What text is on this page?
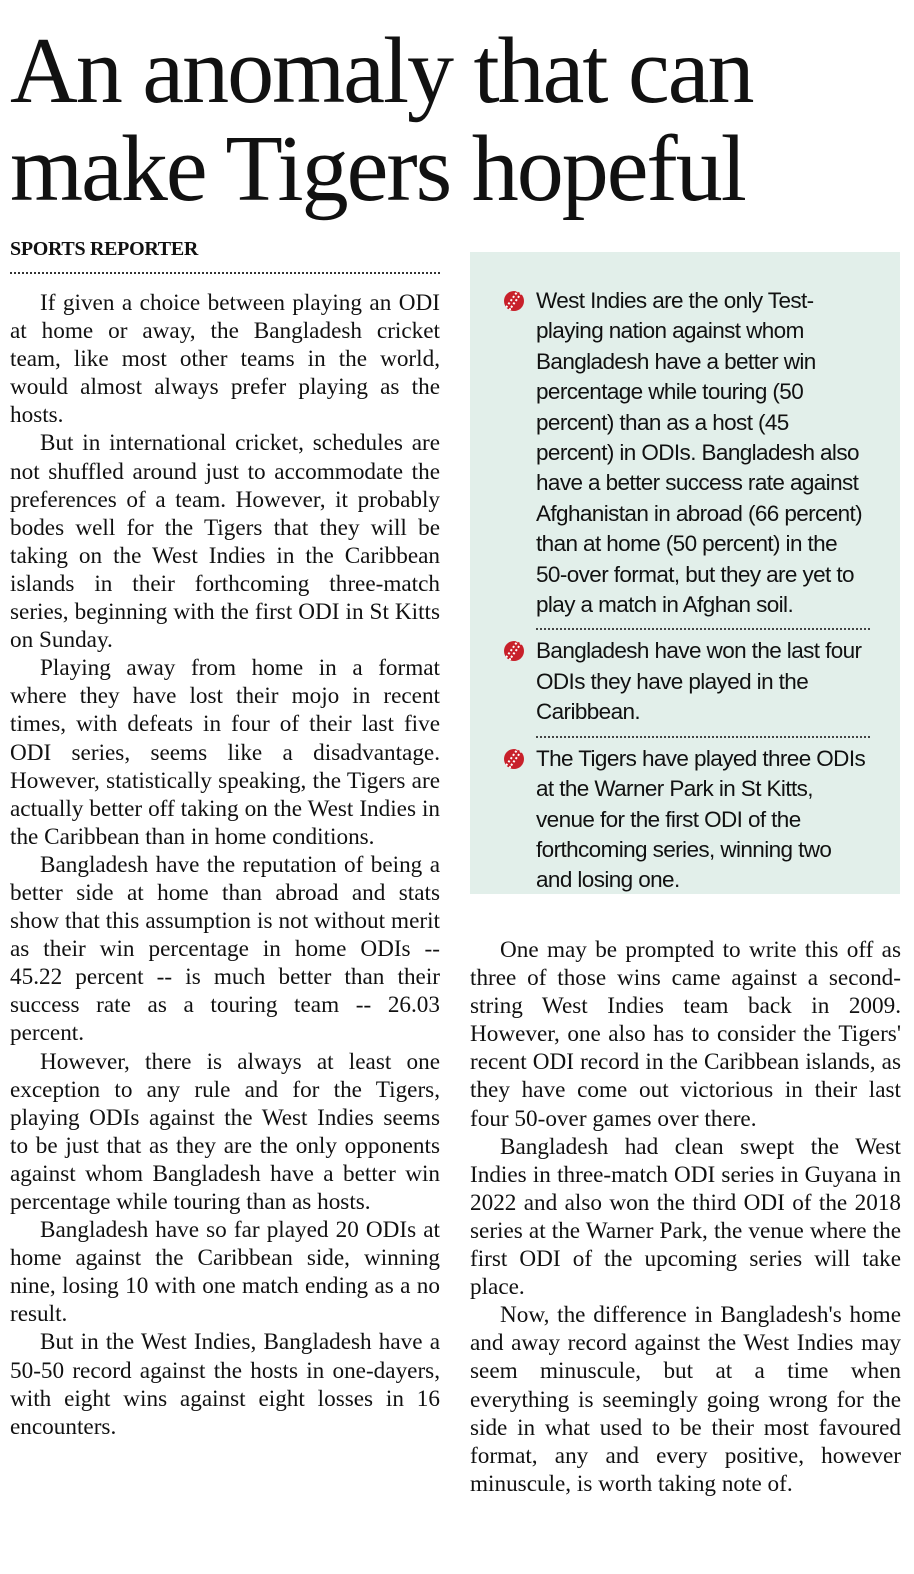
An anomaly that can make Tigers hopeful
SPORTS REPORTER

If given a choice between playing an ODI at home or away, the Bangladesh cricket team, like most other teams in the world, would almost always prefer playing as the hosts.

But in international cricket, schedules are not shuffled around just to accommodate the preferences of a team. However, it probably bodes well for the Tigers that they will be taking on the West Indies in the Caribbean islands in their forthcoming three-match series, beginning with the first ODI in St Kitts on Sunday.

Playing away from home in a format where they have lost their mojo in recent times, with defeats in four of their last five ODI series, seems like a disadvantage. However, statistically speaking, the Tigers are actually better off taking on the West Indies in the Caribbean than in home conditions.

Bangladesh have the reputation of being a better side at home than abroad and stats show that this assumption is not without merit as their win percentage in home ODIs -- 45.22 percent -- is much better than their success rate as a touring team -- 26.03 percent.

However, there is always at least one exception to any rule and for the Tigers, playing ODIs against the West Indies seems to be just that as they are the only opponents against whom Bangladesh have a better win percentage while touring than as hosts.

Bangladesh have so far played 20 ODIs at home against the Caribbean side, winning nine, losing 10 with one match ending as a no result.

But in the West Indies, Bangladesh have a 50-50 record against the hosts in one-dayers, with eight wins against eight losses in 16 encounters.

West Indies are the only Test-playing nation against whom Bangladesh have a better win percentage while touring (50 percent) than as a host (45 percent) in ODIs. Bangladesh also have a better success rate against Afghanistan in abroad (66 percent) than at home (50 percent) in the 50-over format, but they are yet to play a match in Afghan soil.
Bangladesh have won the last four ODIs they have played in the Caribbean.
The Tigers have played three ODIs at the Warner Park in St Kitts, venue for the first ODI of the forthcoming series, winning two and losing one.

One may be prompted to write this off as three of those wins came against a second-string West Indies team back in 2009. However, one also has to consider the Tigers' recent ODI record in the Caribbean islands, as they have come out victorious in their last four 50-over games over there.

Bangladesh had clean swept the West Indies in three-match ODI series in Guyana in 2022 and also won the third ODI of the 2018 series at the Warner Park, the venue where the first ODI of the upcoming series will take place.

Now, the difference in Bangladesh's home and away record against the West Indies may seem minuscule, but at a time when everything is seemingly going wrong for the side in what used to be their most favoured format, any and every positive, however minuscule, is worth taking note of.
